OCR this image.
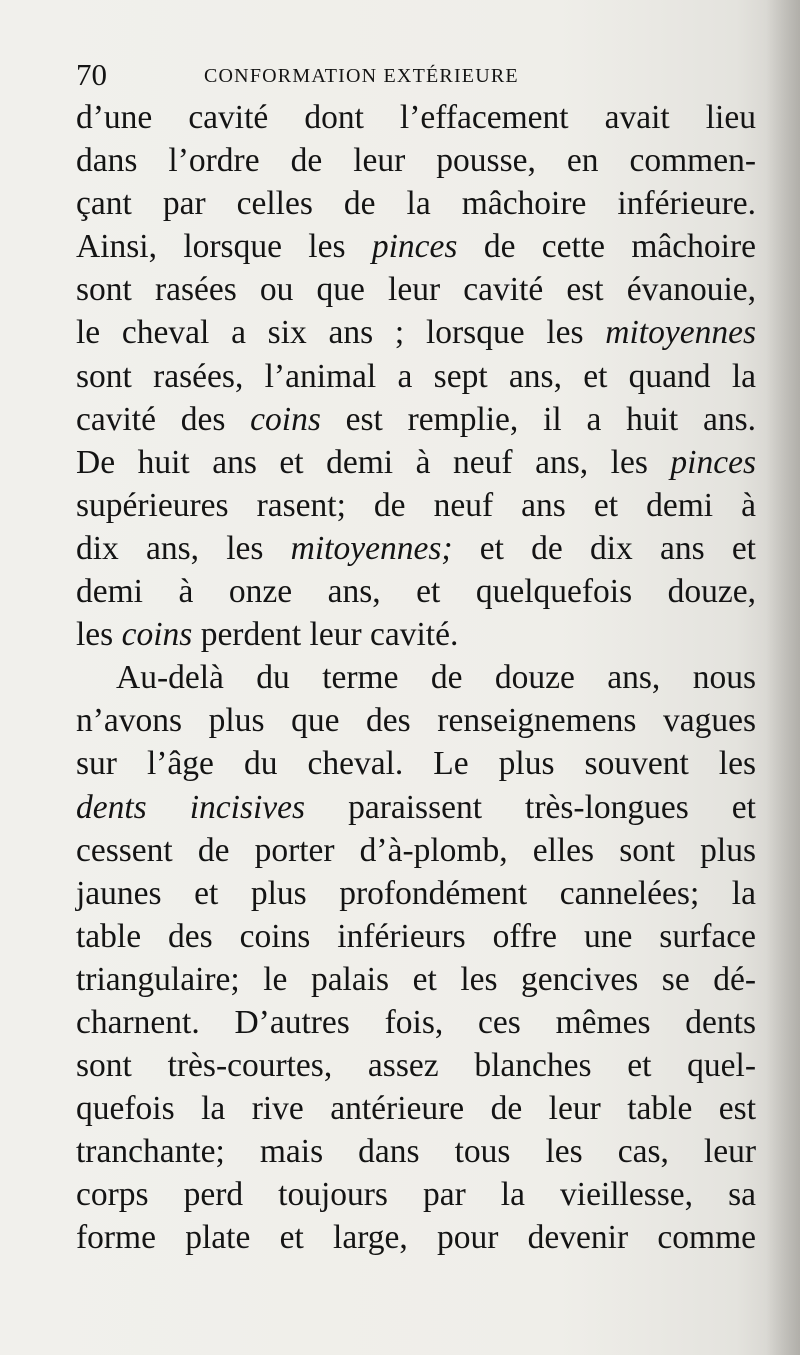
70	CONFORMATION EXTÉRIEURE
d’une cavité dont l’effacement avait lieu
dans l’ordre de leur pousse, en commen-
çant par celles de la mâchoire inférieure.
Ainsi, lorsque les pinces de cette mâchoire
sont rasées ou que leur cavité est évanouie,
le cheval a six ans ; lorsque les mitoyennes
sont rasées, l’animal a sept ans, et quand la
cavité des coins est remplie, il a huit ans.
De huit ans et demi à neuf ans, les pinces
supérieures rasent; de neuf ans et demi à
dix ans, les mitoyennes; et de dix ans et
demi à onze ans, et quelquefois douze,
les coins perdent leur cavité.
Au-delà du terme de douze ans, nous
n’avons plus que des renseignemens vagues
sur l’âge du cheval. Le plus souvent les
dents incisives paraissent très-longues et
cessent de porter d’à-plomb, elles sont plus
jaunes et plus profondément cannelées; la
table des coins inférieurs offre une surface
triangulaire; le palais et les gencives se dé-
charnent. D’autres fois, ces mêmes dents
sont très-courtes, assez blanches et quel-
quefois la rive antérieure de leur table est
tranchante; mais dans tous les cas, leur
corps perd toujours par la vieillesse, sa
forme plate et large, pour devenir comme
